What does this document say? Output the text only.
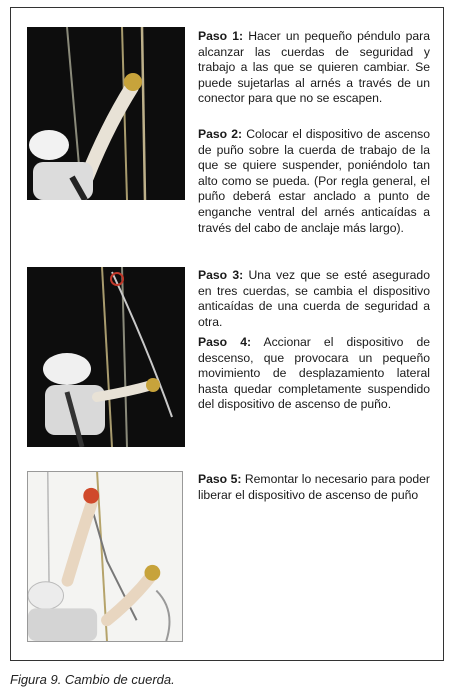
Paso 1: Hacer un pequeño péndulo para alcanzar las cuerdas de seguridad y trabajo a las que se quieren cambiar. Se puede sujetarlas al arnés a través de un conector para que no se escapen.

Paso 2: Colocar el dispositivo de ascenso de puño sobre la cuerda de trabajo de la que se quiere suspender, poniéndolo tan alto como se pueda. (Por regla general, el puño deberá estar anclado a punto de enganche ventral del arnés anticaídas a través del cabo de anclaje más largo).

Paso 3: Una vez que se esté asegurado en tres cuerdas, se cambia el dispositivo anticaídas de una cuerda de seguridad a otra.

Paso 4: Accionar el dispositivo de descenso, que provocara un pequeño movimiento de desplazamiento lateral hasta quedar completamente suspendido del dispositivo de ascenso de puño.

Paso 5: Remontar lo necesario para poder liberar el dispositivo de ascenso de puño

Figura 9. Cambio de cuerda.
